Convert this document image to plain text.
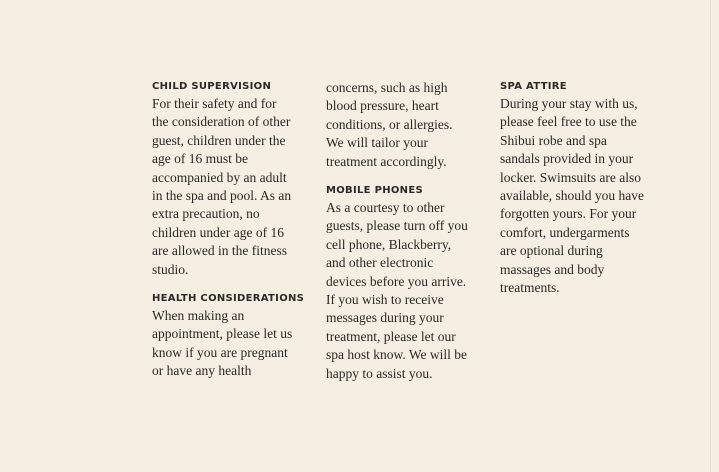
CHILD SUPERVISION
For their safety and for
the consideration of other
guest, children under the
age of 16 must be
accompanied by an adult
in the spa and pool. As an
extra precaution, no
children under age of 16
are allowed in the fitness
studio.
HEALTH CONSIDERATIONS
When making an
appointment, please let us
know if you are pregnant
or have any health
concerns, such as high
blood pressure, heart
conditions, or allergies.
We will tailor your
treatment accordingly.
MOBILE PHONES
As a courtesy to other
guests, please turn off you
cell phone, Blackberry,
and other electronic
devices before you arrive.
If you wish to receive
messages during your
treatment, please let our
spa host know. We will be
happy to assist you.
SPA ATTIRE
During your stay with us,
please feel free to use the
Shibui robe and spa
sandals provided in your
locker. Swimsuits are also
available, should you have
forgotten yours. For your
comfort, undergarments
are optional during
massages and body
treatments.
